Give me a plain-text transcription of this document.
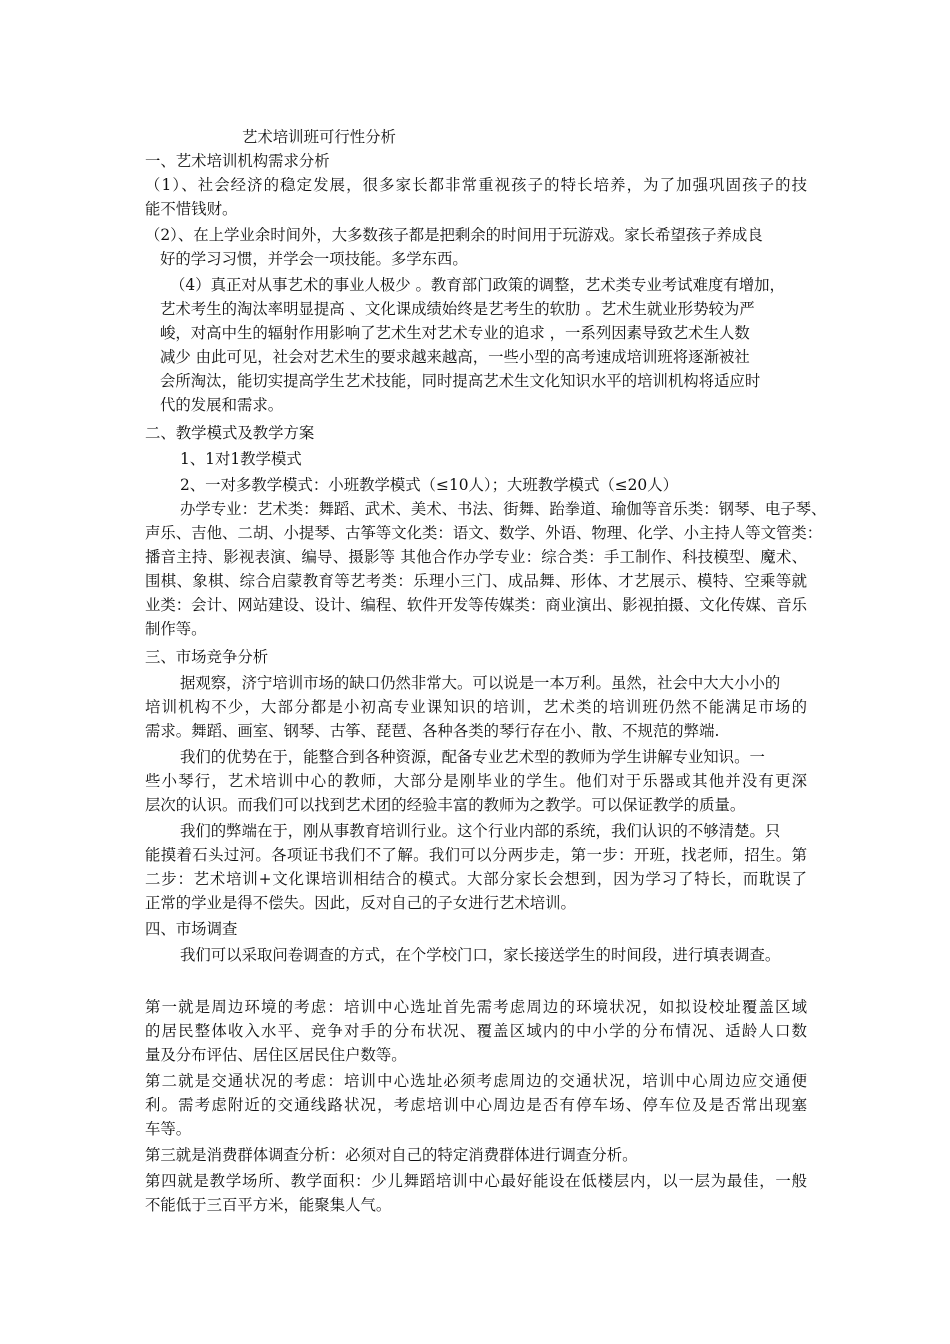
艺术培训班可行性分析
一、艺术培训机构需求分析
（1）、社会经济的稳定发展，很多家长都非常重视孩子的特长培养，为了加强巩固孩子的技
能不惜钱财。
（2）、在上学业余时间外，大多数孩子都是把剩余的时间用于玩游戏。家长希望孩子养成良
好的学习习惯，并学会一项技能。多学东西。
（4）真正对从事艺术的事业人极少 。教育部门政策的调整，艺术类专业考试难度有增加，
艺术考生的淘汰率明显提高 、文化课成绩始终是艺考生的软肋 。艺术生就业形势较为严
峻，对高中生的辐射作用影响了艺术生对艺术专业的追求 ，一系列因素导致艺术生人数
减少 由此可见，社会对艺术生的要求越来越高，一些小型的高考速成培训班将逐渐被社
会所淘汰，能切实提高学生艺术技能，同时提高艺术生文化知识水平的培训机构将适应时
代的发展和需求。
二、教学模式及教学方案
1、1对1教学模式
2、一对多教学模式：小班教学模式（≤10人）；大班教学模式（≤20人）
办学专业：艺术类：舞蹈、武术、美术、书法、街舞、跆拳道、瑜伽等音乐类：钢琴、电子琴、
声乐、吉他、二胡、小提琴、古筝等文化类：语文、数学、外语、物理、化学、小主持人等文管类：
播音主持、影视表演、编导、摄影等 其他合作办学专业：综合类：手工制作、科技模型、魔术、
围棋、象棋、综合启蒙教育等艺考类：乐理小三门、成品舞、形体、才艺展示、模特、空乘等就
业类：会计、网站建设、设计、编程、软件开发等传媒类：商业演出、影视拍摄、文化传媒、音乐
制作等。
三、市场竞争分析
据观察，济宁培训市场的缺口仍然非常大。可以说是一本万利。虽然，社会中大大小小的
培训机构不少，大部分都是小初高专业课知识的培训，艺术类的培训班仍然不能满足市场的
需求。舞蹈、画室、钢琴、古筝、琵琶、各种各类的琴行存在小、散、不规范的弊端.
我们的优势在于，能整合到各种资源，配备专业艺术型的教师为学生讲解专业知识。一
些小琴行，艺术培训中心的教师，大部分是刚毕业的学生。他们对于乐器或其他并没有更深
层次的认识。而我们可以找到艺术团的经验丰富的教师为之教学。可以保证教学的质量。
我们的弊端在于，刚从事教育培训行业。这个行业内部的系统，我们认识的不够清楚。只
能摸着石头过河。各项证书我们不了解。我们可以分两步走，第一步：开班，找老师，招生。第
二步：艺术培训+文化课培训相结合的模式。大部分家长会想到，因为学习了特长，而耽误了
正常的学业是得不偿失。因此，反对自己的子女进行艺术培训。
四、市场调查
我们可以采取问卷调查的方式，在个学校门口，家长接送学生的时间段，进行填表调查。
第一就是周边环境的考虑：培训中心选址首先需考虑周边的环境状况，如拟设校址覆盖区域
的居民整体收入水平、竞争对手的分布状况、覆盖区域内的中小学的分布情况、适龄人口数
量及分布评估、居住区居民住户数等。
第二就是交通状况的考虑：培训中心选址必须考虑周边的交通状况，培训中心周边应交通便
利。需考虑附近的交通线路状况，考虑培训中心周边是否有停车场、停车位及是否常出现塞
车等。
第三就是消费群体调查分析：必须对自己的特定消费群体进行调查分析。
第四就是教学场所、教学面积：少儿舞蹈培训中心最好能设在低楼层内，以一层为最佳，一般
不能低于三百平方米，能聚集人气。
